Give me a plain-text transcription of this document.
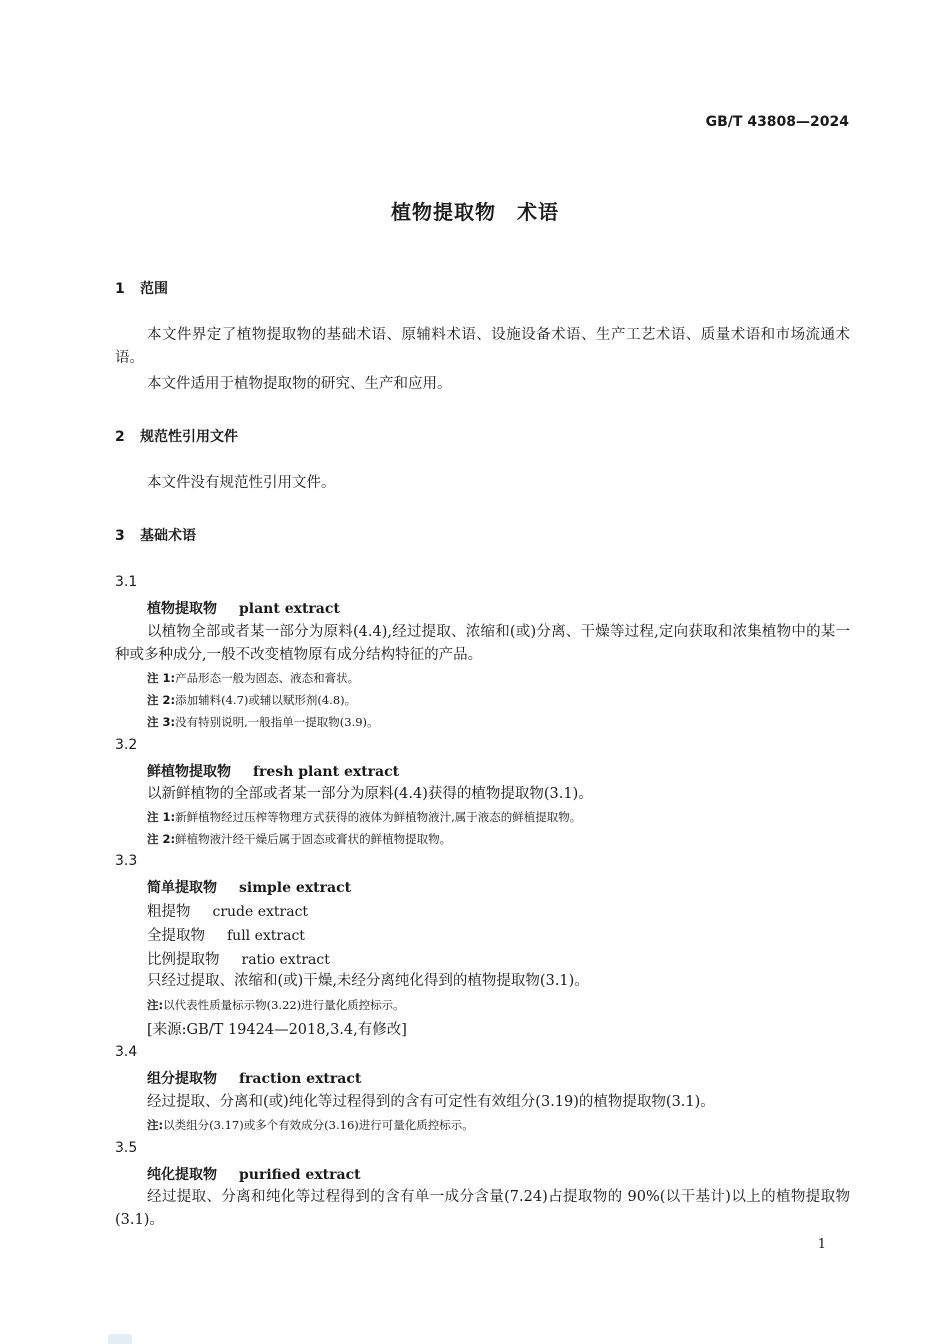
GB/T 43808—2024
植物提取物　术语
1 范围
本文件界定了植物提取物的基础术语、原辅料术语、设施设备术语、生产工艺术语、质量术语和市场流通术语。
本文件适用于植物提取物的研究、生产和应用。
2 规范性引用文件
本文件没有规范性引用文件。
3 基础术语
3.1
植物提取物 plant extract
以植物全部或者某一部分为原料(4.4),经过提取、浓缩和(或)分离、干燥等过程,定向获取和浓集植物中的某一种或多种成分,一般不改变植物原有成分结构特征的产品。
注 1:产品形态一般为固态、液态和膏状。
注 2:添加辅料(4.7)或辅以赋形剂(4.8)。
注 3:没有特别说明,一般指单一提取物(3.9)。
3.2
鲜植物提取物 fresh plant extract
以新鲜植物的全部或者某一部分为原料(4.4)获得的植物提取物(3.1)。
注 1:新鲜植物经过压榨等物理方式获得的液体为鲜植物液汁,属于液态的鲜植提取物。
注 2:鲜植物液汁经干燥后属于固态或膏状的鲜植物提取物。
3.3
简单提取物 simple extract
粗提物 crude extract
全提取物 full extract
比例提取物 ratio extract
只经过提取、浓缩和(或)干燥,未经分离纯化得到的植物提取物(3.1)。
注:以代表性质量标示物(3.22)进行量化质控标示。
[来源:GB/T 19424—2018,3.4,有修改]
3.4
组分提取物 fraction extract
经过提取、分离和(或)纯化等过程得到的含有可定性有效组分(3.19)的植物提取物(3.1)。
注:以类组分(3.17)或多个有效成分(3.16)进行可量化质控标示。
3.5
纯化提取物 purified extract
经过提取、分离和纯化等过程得到的含有单一成分含量(7.24)占提取物的 90%(以干基计)以上的植物提取物(3.1)。
1
